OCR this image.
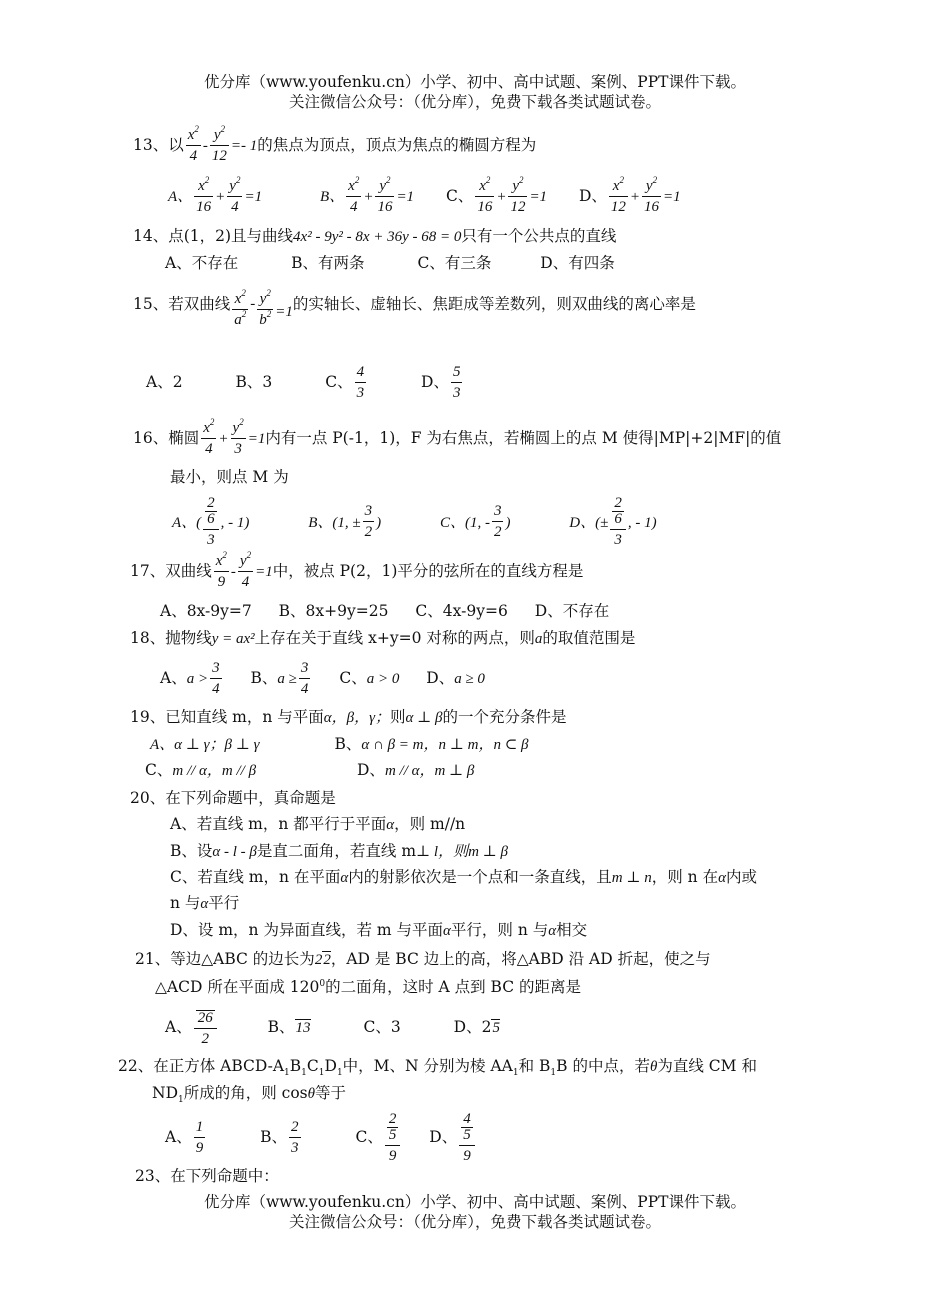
优分库（www.youfenku.cn）小学、初中、高中试题、案例、PPT课件下载。
关注微信公众号：（优分库），免费下载各类试题试卷。
13、以 $\frac{x^2}{4} - \frac{y^2}{12} =- 1$的焦点为顶点，顶点为焦点的椭圆方程为
A、 $\frac{x^2}{16} + \frac{y^2}{4} =1$	B、 $\frac{x^2}{4} + \frac{y^2}{16} =1$ C、 $\frac{x^2}{16} + \frac{y^2}{12} =1$ D、 $\frac{x^2}{12} + \frac{y^2}{16} =1$
14、点(1，2)且与曲线4x² - 9y² - 8x + 36y - 68 = 0只有一个公共点的直线
A、不存在	B、有两条	C、有三条	D、有四条
15、若双曲线 $\frac{x^2}{a^2} - \frac{y^2}{b^2} =1$的实轴长、虚轴长、焦距成等差数列，则双曲线的离心率是
A、2	B、3	C、 $\frac{4}{3}$	D、 $\frac{5}{3}$
16、椭圆 $\frac{x^2}{4} + \frac{y^2}{3} =1$内有一点 P(-1，1)，F 为右焦点，若椭圆上的点 M 使得|MP|+2|MF|的值
最小，则点 M 为
A、( 2
6
3 , - 1)	B、(1, ± $\frac{3}{2}$ )	C、(1, - $\frac{3}{2}$ )	D、(± 2
6
3 , - 1)
17、双曲线 $\frac{x^2}{9} - \frac{y^2}{4} =1$中，被点 P(2，1)平分的弦所在的直线方程是
A、8x-9y=7 B、8x+9y=25 C、4x-9y=6 D、不存在
18、抛物线y = ax²上存在关于直线 x+y=0 对称的两点，则a的取值范围是
A、$a > \frac{3}{4}$ B、$a \ge \frac{3}{4}$ C、a > 0 D、a ≥ 0
19、已知直线 m，n 与平面α，β，γ；则α ⊥ β的一个充分条件是
A、α ⊥ γ；β ⊥ γ	B、α ∩ β = m，n ⊥ m，n ⊂ β
C、m // α，m // β	D、m // α，m ⊥ β
20、在下列命题中，真命题是
A、若直线 m，n 都平行于平面α，则 m//n
B、设α - l - β是直二面角，若直线 m⊥ l，则m ⊥ β
C、若直线 m，n 在平面α内的射影依次是一个点和一条直线，且m ⊥ n，则 n 在α内或
n 与α平行
D、设 m，n 为异面直线，若 m 与平面α平行，则 n 与α相交
21、等边△ABC 的边长为22，AD 是 BC 边上的高，将△ABD 沿 AD 折起，使之与
△ACD 所在平面成 $120^0$的二面角，这时 A 点到 BC 的距离是
A、 $\frac{26}{2}$	B、13	C、3	D、25
22、在正方体 ABCD-$A_1B_1C_1D_1$中，M、N 分别为棱 $AA_1$和 $B_1B$ 的中点，若θ为直线 CM 和
$ND_1$所成的角，则 cosθ等于
A、 $\frac{1}{9}$	B、 $\frac{2}{3}$	C、 2
5
9 D、 4
5
9
23、在下列命题中：
优分库（www.youfenku.cn）小学、初中、高中试题、案例、PPT课件下载。
关注微信公众号：（优分库），免费下载各类试题试卷。
